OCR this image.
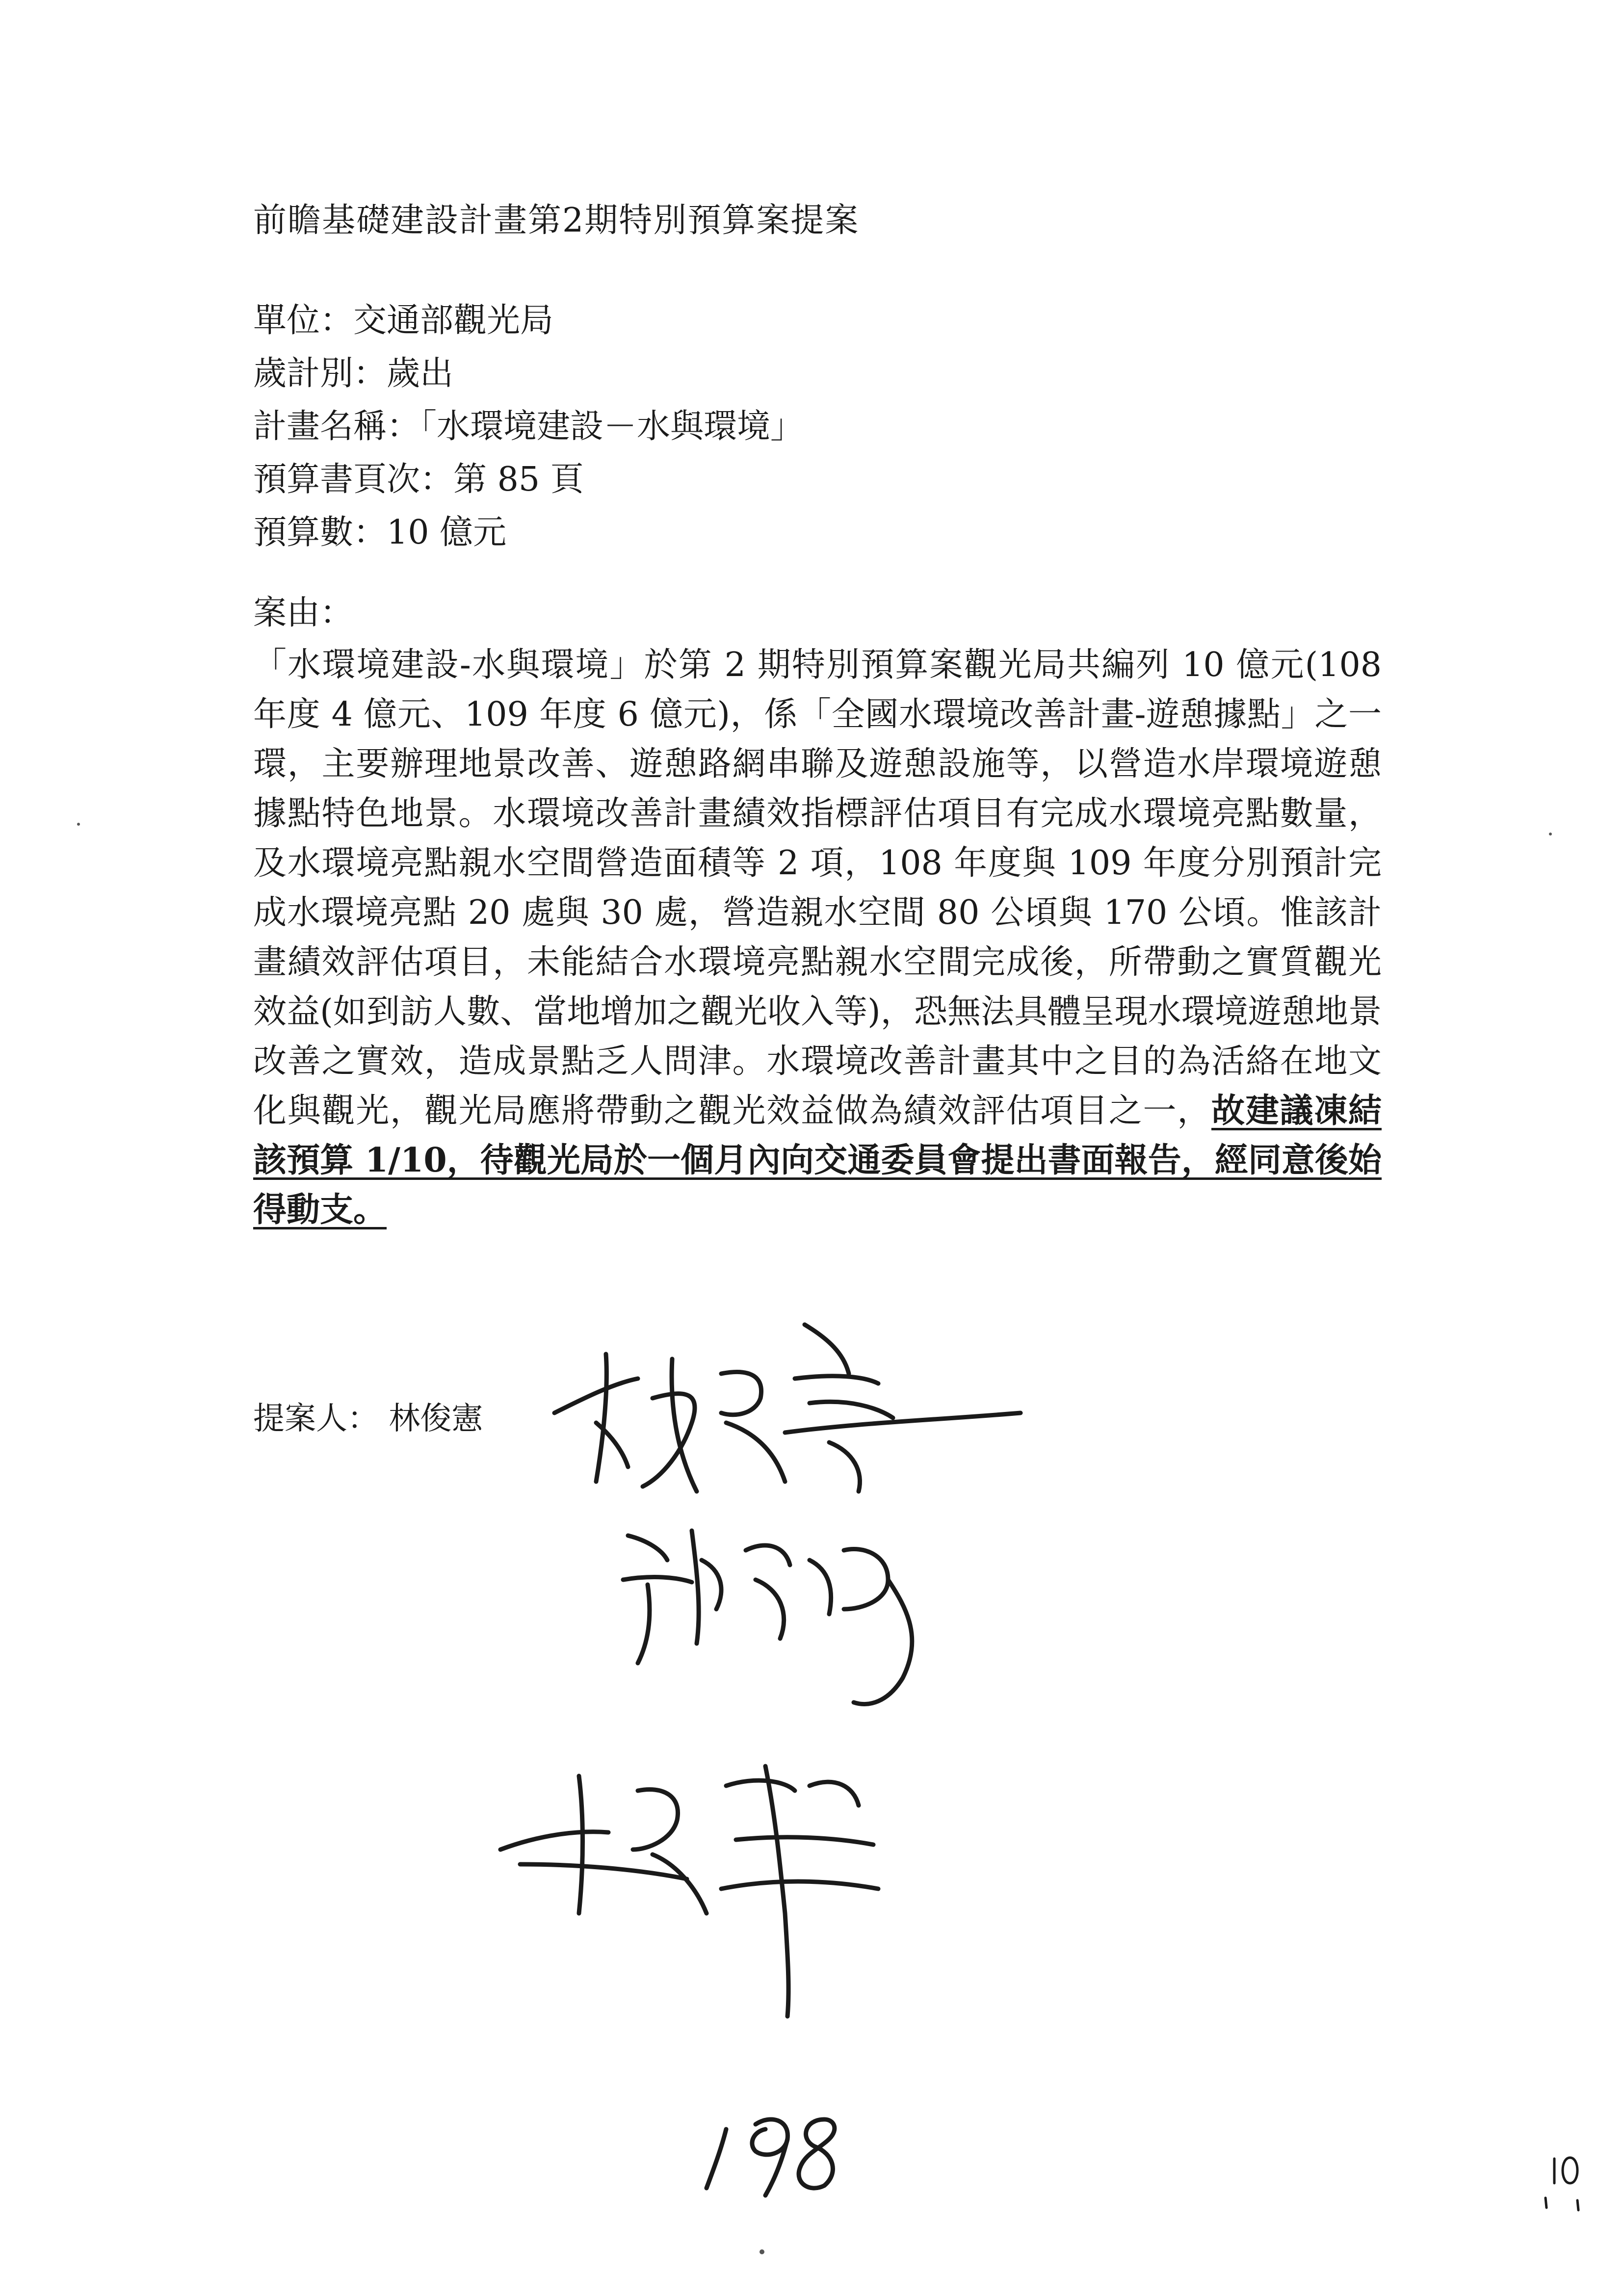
前瞻基礎建設計畫第2期特別預算案提案
單位：交通部觀光局
歲計別：歲出
計畫名稱：「水環境建設－水與環境」
預算書頁次：第 85 頁
預算數：10 億元
案由：
「水環境建設-水與環境」於第 2 期特別預算案觀光局共編列 10 億元(108 年度 4 億元、109 年度 6 億元)，係「全國水環境改善計畫-遊憩據點」之一環，主要辦理地景改善、遊憩路網串聯及遊憩設施等，以營造水岸環境遊憩據點特色地景。水環境改善計畫績效指標評估項目有完成水環境亮點數量，及水環境亮點親水空間營造面積等 2 項，108 年度與 109 年度分別預計完成水環境亮點 20 處與 30 處，營造親水空間 80 公頃與 170 公頃。惟該計畫績效評估項目，未能結合水環境亮點親水空間完成後，所帶動之實質觀光效益(如到訪人數、當地增加之觀光收入等)，恐無法具體呈現水環境遊憩地景改善之實效，造成景點乏人問津。水環境改善計畫其中之目的為活絡在地文化與觀光，觀光局應將帶動之觀光效益做為績效評估項目之一，故建議凍結該預算 1/10，待觀光局於一個月內向交通委員會提出書面報告，經同意後始得動支。
提案人： 林俊憲
